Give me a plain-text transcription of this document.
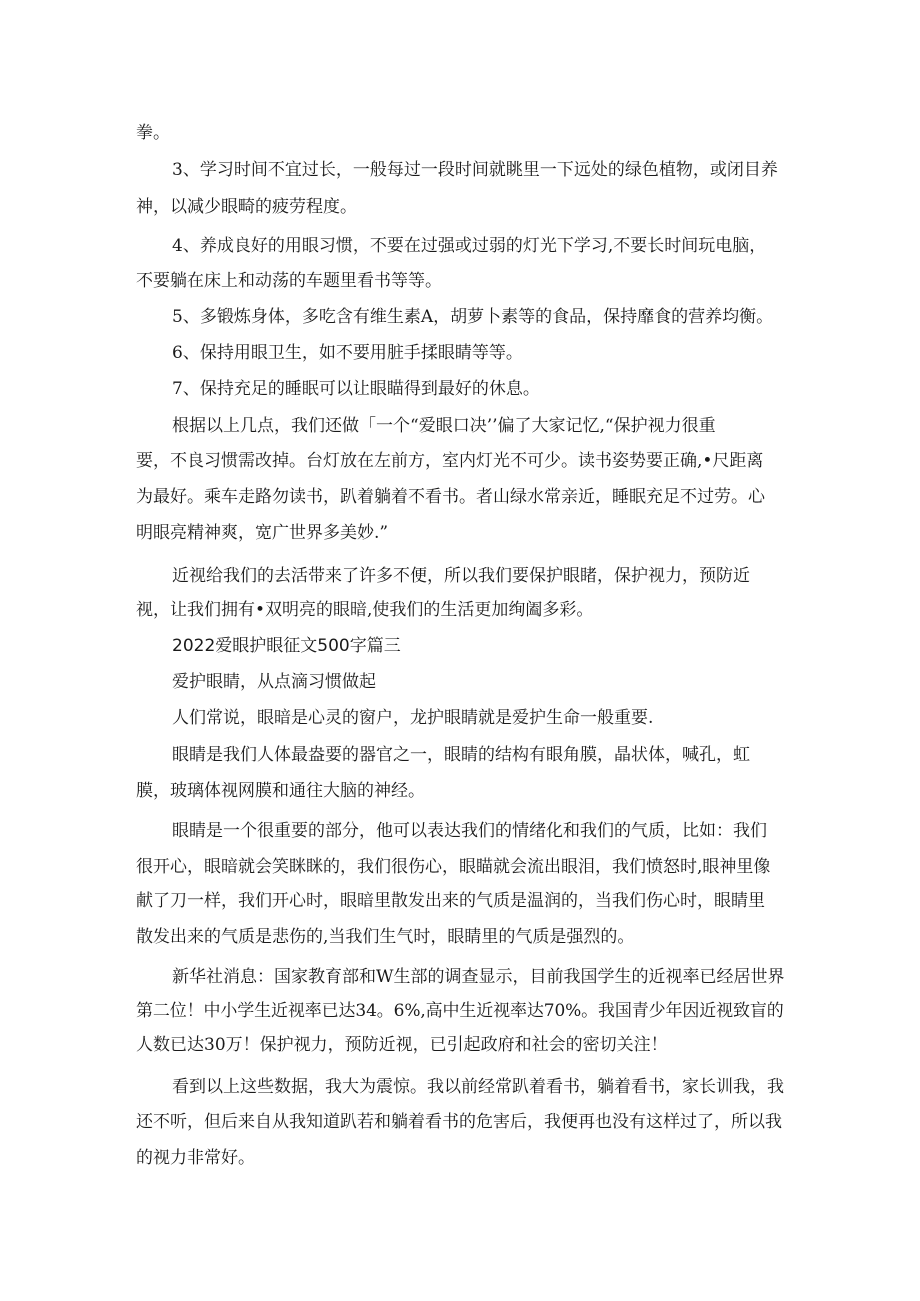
拳。
3、学习时间不宜过长，一般每过一段时间就眺里一下远处的绿色植物，或闭目养
神，以减少眼畸的疲劳程度。
4、养成良好的用眼习惯，不要在过强或过弱的灯光下学习,不要长时间玩电脑，
不要躺在床上和动荡的车题里看书等等。
5、多锻炼身体，多吃含有维生素A，胡萝卜素等的食品，保持靡食的营养均衡。
6、保持用眼卫生，如不要用脏手揉眼睛等等。
7、保持充足的睡眠可以让眼瞄得到最好的休息。
根据以上几点，我们还做「一个“爱眼口决’’偏了大家记忆,“保护视力很重
要，不良习惯需改掉。台灯放在左前方，室内灯光不可少。读书姿势要正确,•尺距离
为最好。乘车走路勿读书，趴着躺着不看书。者山绿水常亲近，睡眠充足不过劳。心
明眼亮精神爽，宽广世界多美妙.”
近视给我们的去活带来了许多不便，所以我们要保护眼睹，保护视力，预防近
视，让我们拥有•双明亮的眼暗,使我们的生活更加绚阖多彩。
2022爱眼护眼征文500字篇三
爱护眼睛，从点滴习惯做起
人们常说，眼暗是心灵的窗户，龙护眼睛就是爱护生命一般重要.
眼睛是我们人体最盎要的器官之一，眼睛的结构有眼角膜，晶状体，喊孔，虹
膜，玻璃体视网膜和通往大脑的神经。
眼睛是一个很重要的部分，他可以表达我们的情绪化和我们的气质，比如：我们
很开心，眼暗就会笑眯眯的，我们很伤心，眼瞄就会流出眼泪，我们愤怒时,眼神里像
献了刀一样，我们开心时，眼暗里散发出来的气质是温润的，当我们伤心时，眼睛里
散发出来的气质是悲伤的,当我们生气时，眼睛里的气质是强烈的。
新华社消息：国家教育部和W生部的调查显示，目前我国学生的近视率已经居世界
第二位！中小学生近视率已达34。6%,高中生近视率达70%。我国青少年因近视致盲的
人数已达30万！保护视力，预防近视，已引起政府和社会的密切关注！
看到以上这些数据，我大为震惊。我以前经常趴着看书，躺着看书，家长训我，我
还不听，但后来自从我知道趴若和躺着看书的危害后，我便再也没有这样过了，所以我
的视力非常好。
